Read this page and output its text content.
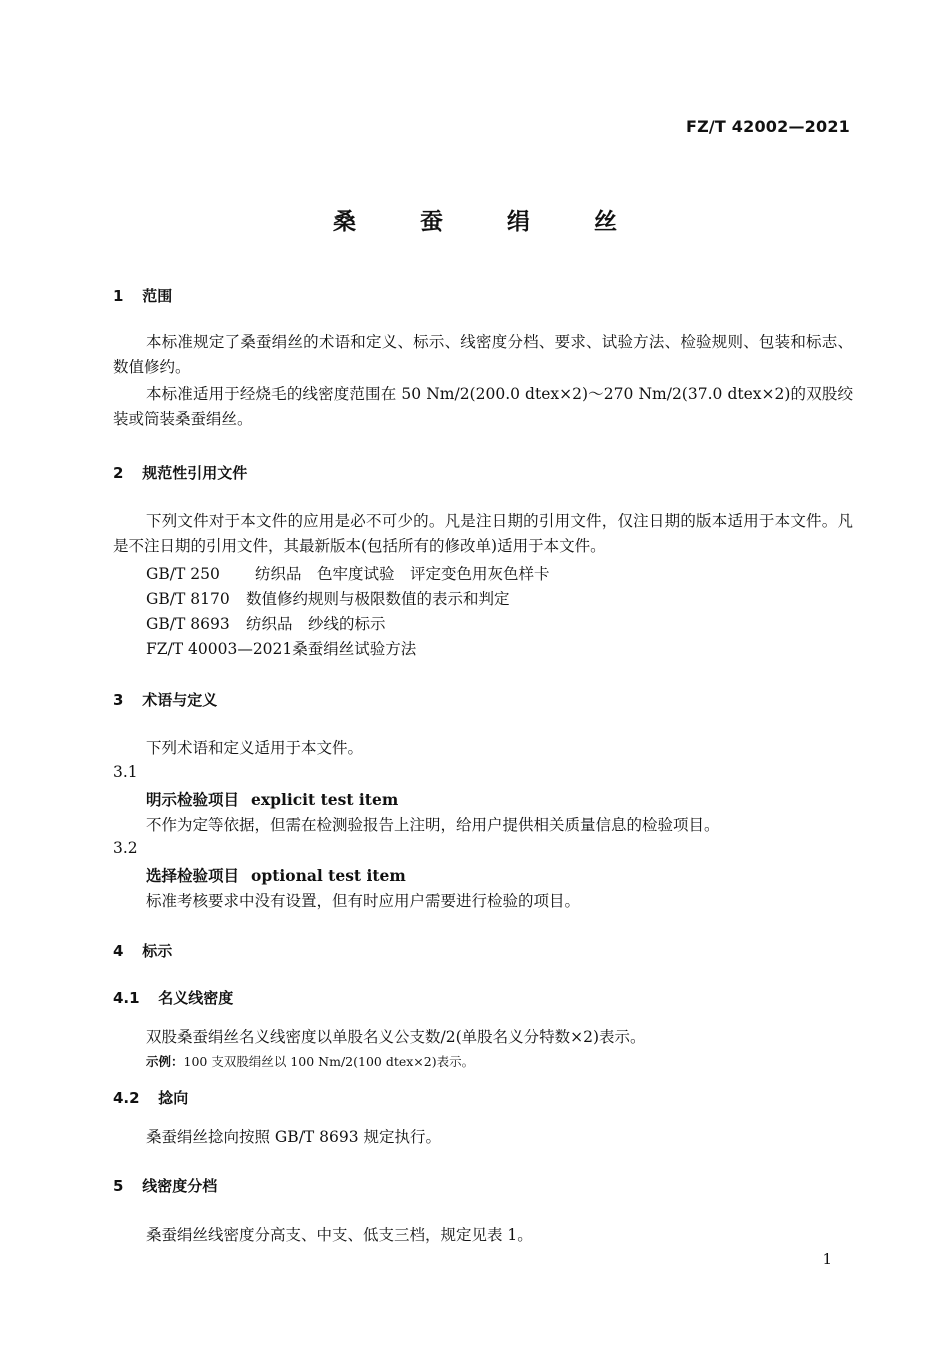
FZ/T 42002—2021
桑 蚕 绢 丝
1 范围
本标准规定了桑蚕绢丝的术语和定义、标示、线密度分档、要求、试验方法、检验规则、包装和标志、数值修约。
本标准适用于经烧毛的线密度范围在 50 Nm/2(200.0 dtex×2)～270 Nm/2(37.0 dtex×2)的双股绞装或筒装桑蚕绢丝。
2 规范性引用文件
下列文件对于本文件的应用是必不可少的。凡是注日期的引用文件，仅注日期的版本适用于本文件。凡是不注日期的引用文件，其最新版本(包括所有的修改单)适用于本文件。
GB/T 250 纺织品　色牢度试验　评定变色用灰色样卡
GB/T 8170 数值修约规则与极限数值的表示和判定
GB/T 8693 纺织品　纱线的标示
FZ/T 40003—2021桑蚕绢丝试验方法
3 术语与定义
下列术语和定义适用于本文件。
3.1
明示检验项目 explicit test item
不作为定等依据，但需在检测验报告上注明，给用户提供相关质量信息的检验项目。
3.2
选择检验项目 optional test item
标准考核要求中没有设置，但有时应用户需要进行检验的项目。
4 标示
4.1 名义线密度
双股桑蚕绢丝名义线密度以单股名义公支数/2(单股名义分特数×2)表示。
示例：100 支双股绢丝以 100 Nm/2(100 dtex×2)表示。
4.2 捻向
桑蚕绢丝捻向按照 GB/T 8693 规定执行。
5 线密度分档
桑蚕绢丝线密度分高支、中支、低支三档，规定见表 1。
1
